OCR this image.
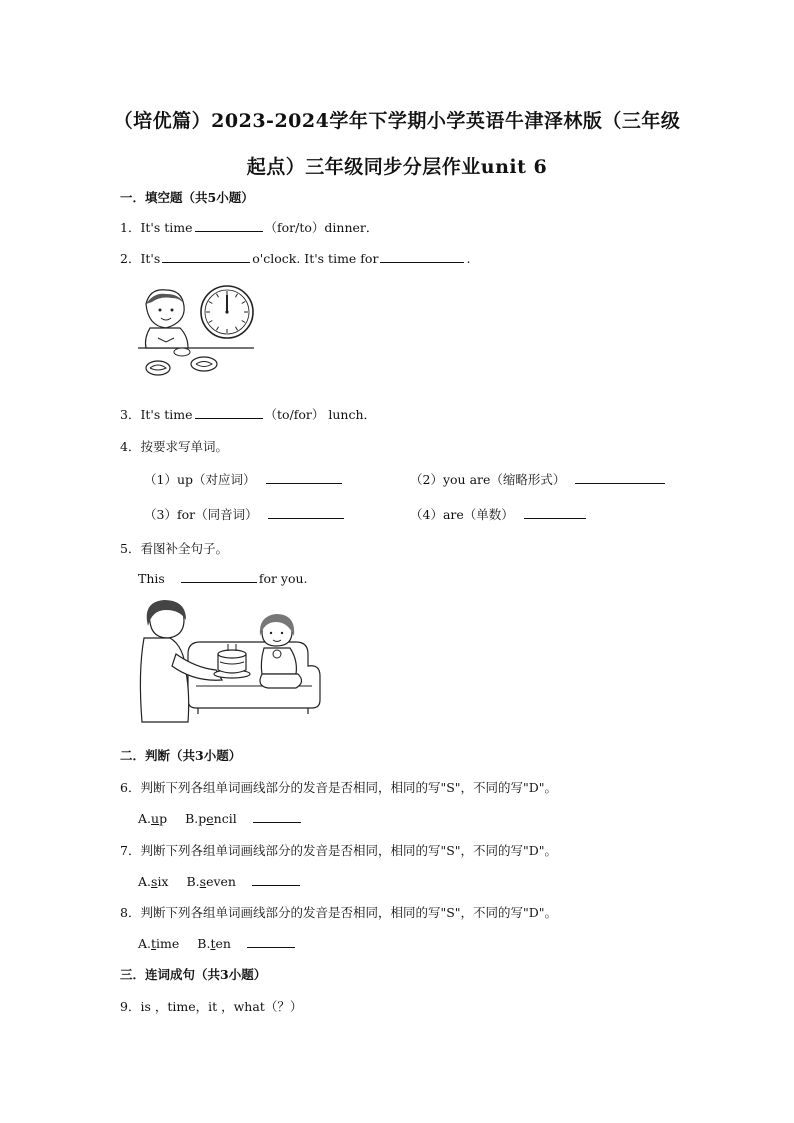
（培优篇）2023-2024学年下学期小学英语牛津泽林版（三年级
起点）三年级同步分层作业unit 6
一．填空题（共5小题）
1．It's time	（for/to）dinner．
2．It's	o'clock. It's time for	.
3．It's time	（to/for） lunch．
4．按要求写单词。
（1）up（对应词）	（2）you are（缩略形式）
（3）for（同音词）	（4）are（单数）
5．看图补全句子。
This	for you.
二．判断（共3小题）
6．判断下列各组单词画线部分的发音是否相同，相同的写"S"，不同的写"D"。
A.up B.pencil
7．判断下列各组单词画线部分的发音是否相同，相同的写"S"，不同的写"D"。
A.six B.seven
8．判断下列各组单词画线部分的发音是否相同，相同的写"S"，不同的写"D"。
A.time B.ten
三．连词成句（共3小题）
9．is ，time，it ，what（？）
